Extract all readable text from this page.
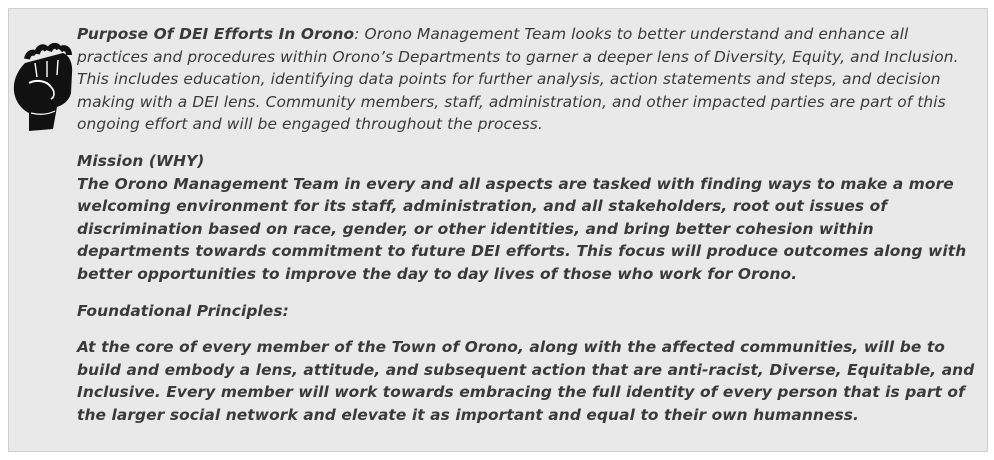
Purpose Of DEI Efforts In Orono: Orono Management Team looks to better understand and enhance all practices and procedures within Orono’s Departments to garner a deeper lens of Diversity, Equity, and Inclusion. This includes education, identifying data points for further analysis, action statements and steps, and decision making with a DEI lens. Community members, staff, administration, and other impacted parties are part of this ongoing effort and will be engaged throughout the process.

Mission (WHY)
The Orono Management Team in every and all aspects are tasked with finding ways to make a more welcoming environment for its staff, administration, and all stakeholders, root out issues of discrimination based on race, gender, or other identities, and bring better cohesion within departments towards commitment to future DEI efforts. This focus will produce outcomes along with better opportunities to improve the day to day lives of those who work for Orono.

Foundational Principles:

At the core of every member of the Town of Orono, along with the affected communities, will be to build and embody a lens, attitude, and subsequent action that are anti-racist, Diverse, Equitable, and Inclusive. Every member will work towards embracing the full identity of every person that is part of the larger social network and elevate it as important and equal to their own humanness.
